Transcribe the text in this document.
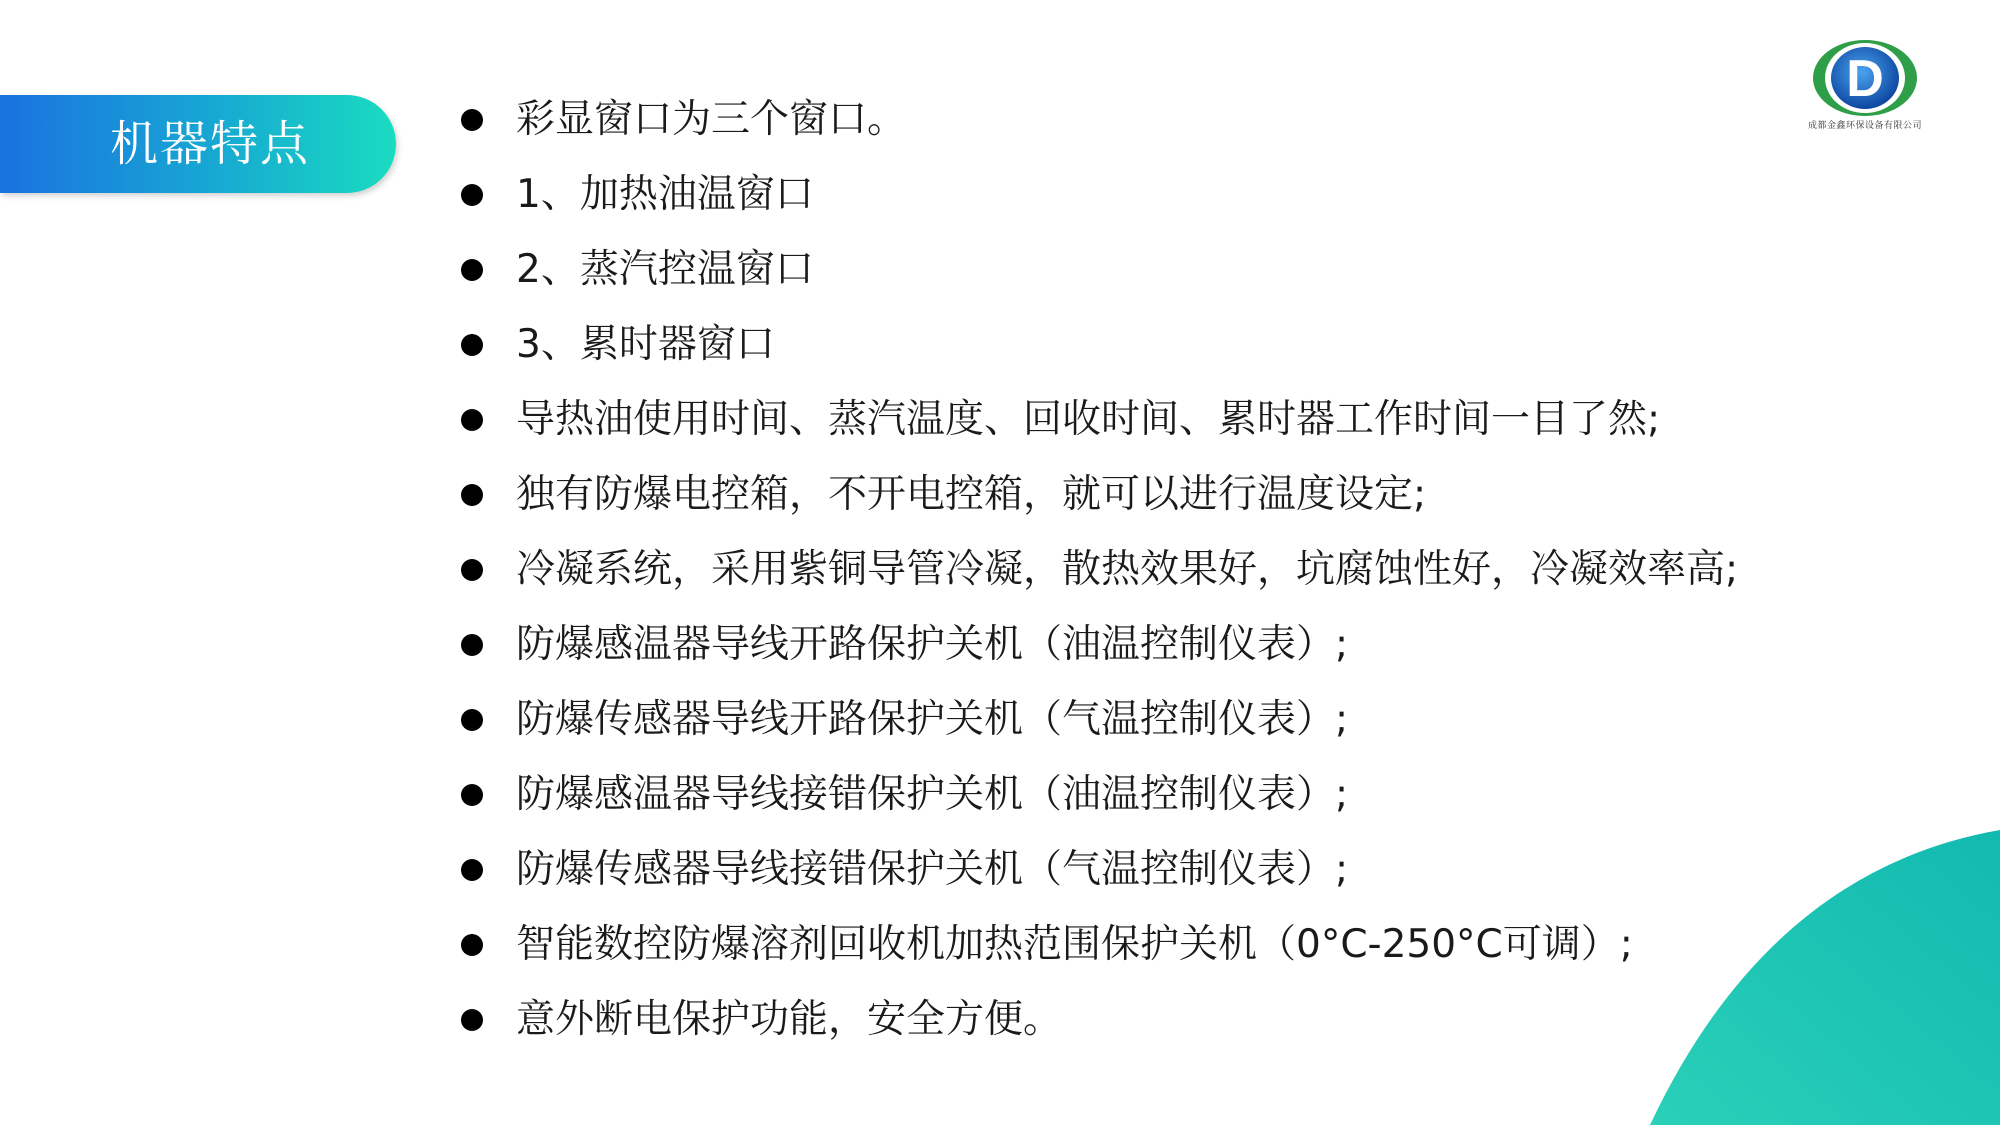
机器特点
D
成都金鑫环保设备有限公司
彩显窗口为三个窗口。
1、加热油温窗口
2、蒸汽控温窗口
3、累时器窗口
导热油使用时间、蒸汽温度、回收时间、累时器工作时间一目了然;
独有防爆电控箱，不开电控箱，就可以进行温度设定;
冷凝系统，采用紫铜导管冷凝，散热效果好，坑腐蚀性好，冷凝效率高;
防爆感温器导线开路保护关机（油温控制仪表）;
防爆传感器导线开路保护关机（气温控制仪表）;
防爆感温器导线接错保护关机（油温控制仪表）;
防爆传感器导线接错保护关机（气温控制仪表）;
智能数控防爆溶剂回收机加热范围保护关机（0°C-250°C可调）;
意外断电保护功能，安全方便。
